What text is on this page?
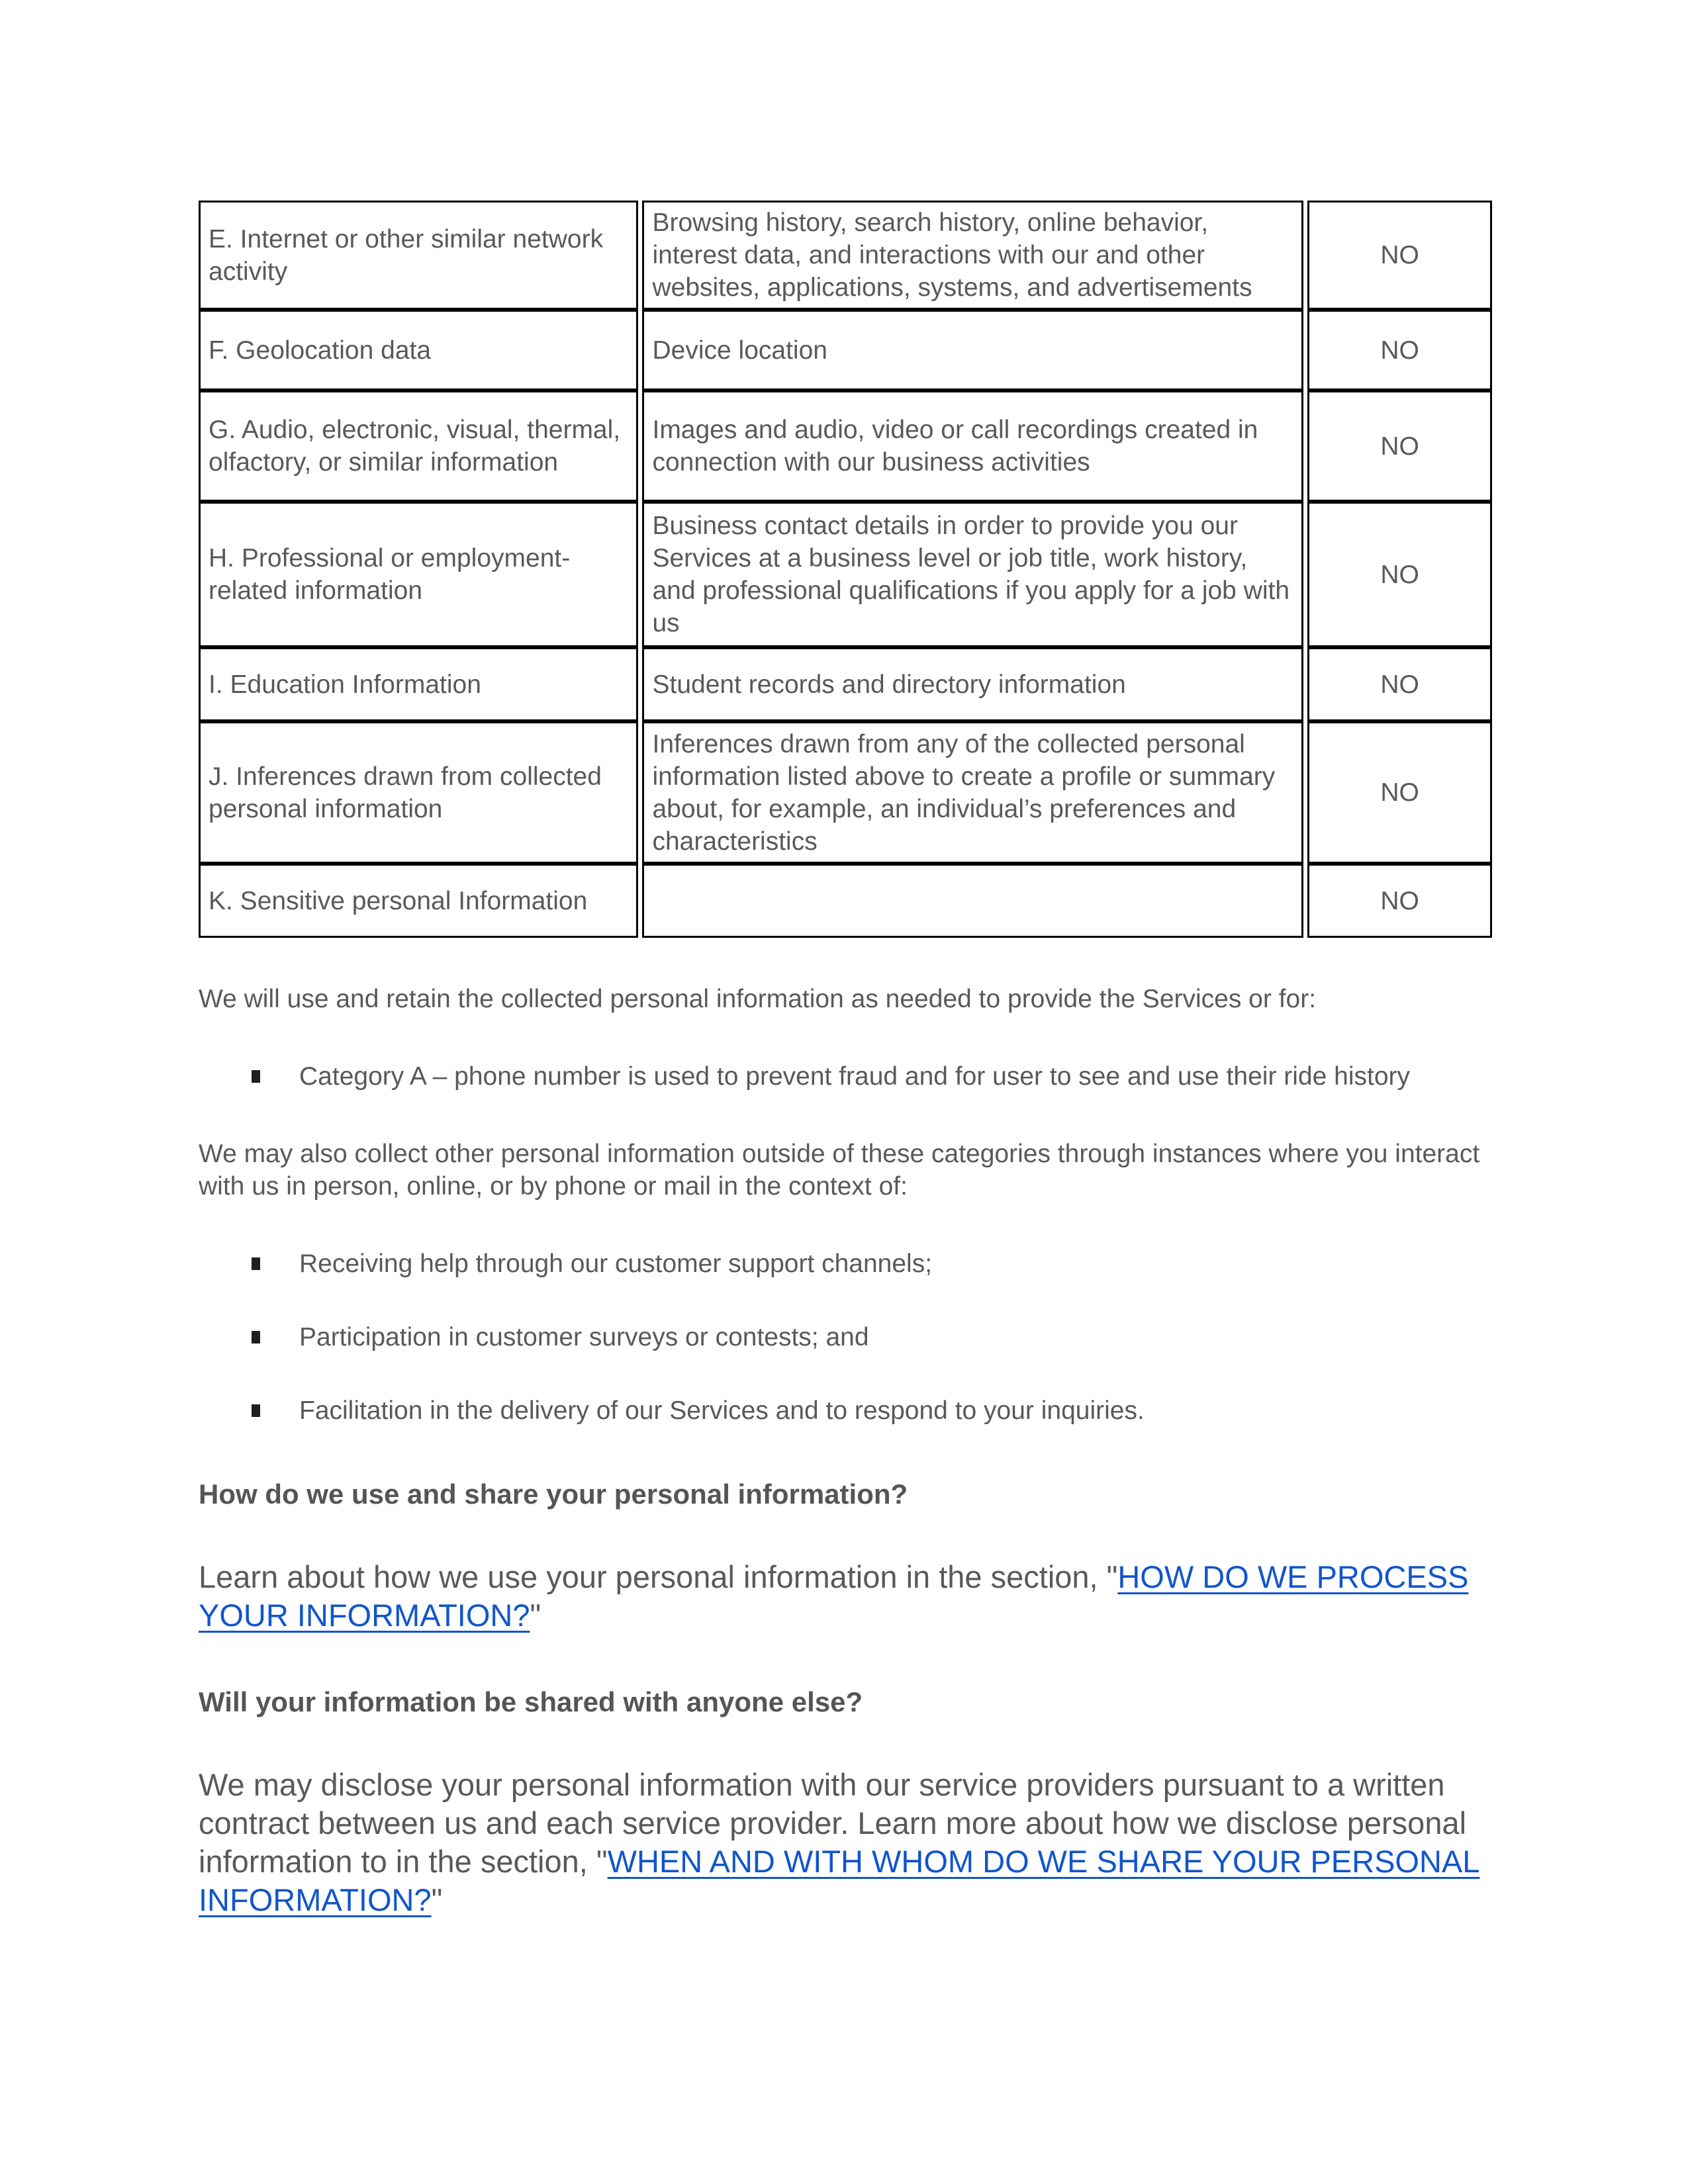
E. Internet or other similar network activity	Browsing history, search history, online behavior, interest data, and interactions with our and other websites, applications, systems, and advertisements	NO
F. Geolocation data	Device location	NO
G. Audio, electronic, visual, thermal, olfactory, or similar information	Images and audio, video or call recordings created in connection with our business activities	NO
H. Professional or employment-related information	Business contact details in order to provide you our Services at a business level or job title, work history, and professional qualifications if you apply for a job with us	NO
I. Education Information	Student records and directory information	NO
J. Inferences drawn from collected personal information	Inferences drawn from any of the collected personal information listed above to create a profile or summary about, for example, an individual’s preferences and characteristics	NO
K. Sensitive personal Information		NO

We will use and retain the collected personal information as needed to provide the Services or for:

Category A – phone number is used to prevent fraud and for user to see and use their ride history

We may also collect other personal information outside of these categories through instances where you interact with us in person, online, or by phone or mail in the context of:

Receiving help through our customer support channels;
Participation in customer surveys or contests; and
Facilitation in the delivery of our Services and to respond to your inquiries.

How do we use and share your personal information?

Learn about how we use your personal information in the section, "HOW DO WE PROCESS YOUR INFORMATION?"

Will your information be shared with anyone else?

We may disclose your personal information with our service providers pursuant to a written contract between us and each service provider. Learn more about how we disclose personal information to in the section, "WHEN AND WITH WHOM DO WE SHARE YOUR PERSONAL INFORMATION?"
